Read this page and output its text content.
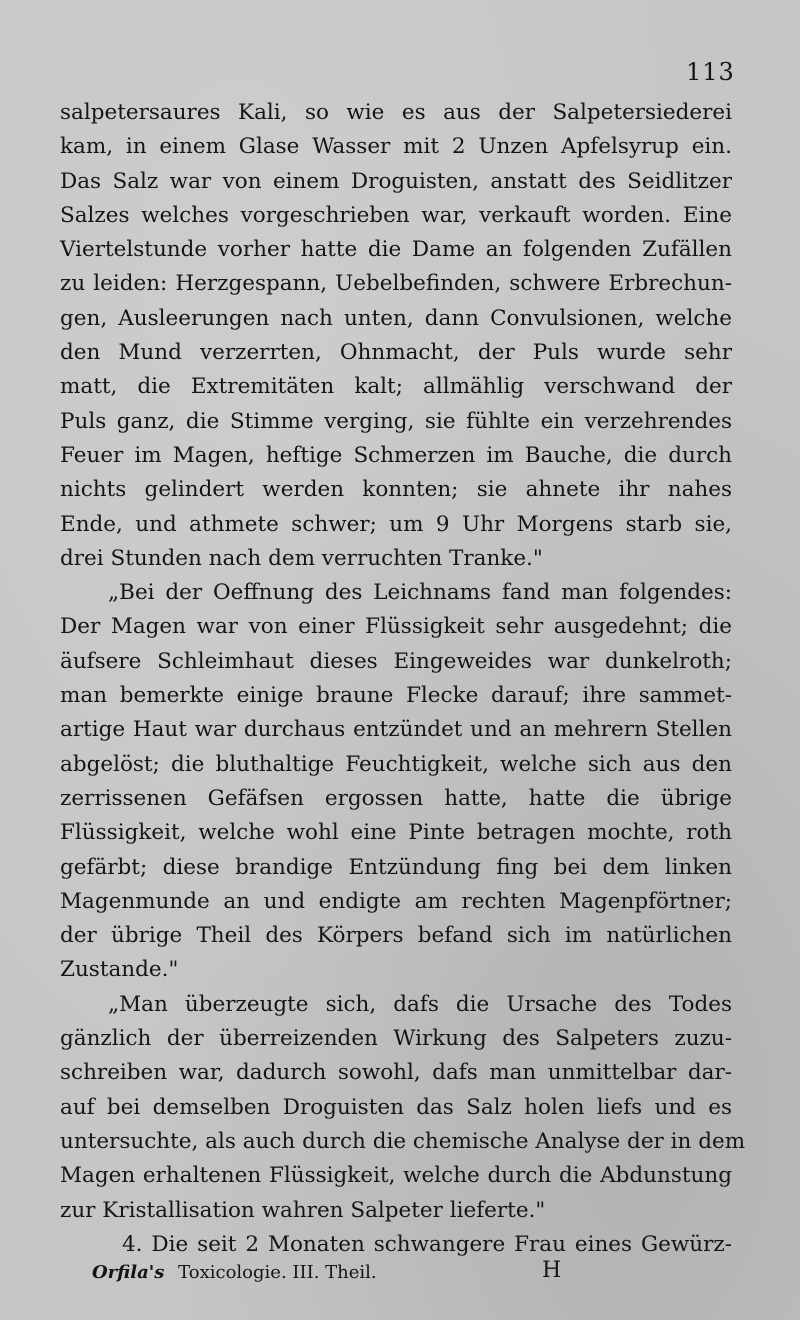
113
salpetersaures Kali, so wie es aus der Salpetersiederei
kam, in einem Glase Wasser mit 2 Unzen Apfelsyrup ein.
Das Salz war von einem Droguisten, anstatt des Seidlitzer
Salzes welches vorgeschrieben war, verkauft worden. Eine
Viertelstunde vorher hatte die Dame an folgenden Zufällen
zu leiden: Herzgespann, Uebelbefinden, schwere Erbrechun-
gen, Ausleerungen nach unten, dann Convulsionen, welche
den Mund verzerrten, Ohnmacht, der Puls wurde sehr
matt, die Extremitäten kalt; allmählig verschwand der
Puls ganz, die Stimme verging, sie fühlte ein verzehrendes
Feuer im Magen, heftige Schmerzen im Bauche, die durch
nichts gelindert werden konnten; sie ahnete ihr nahes
Ende, und athmete schwer; um 9 Uhr Morgens starb sie,
drei Stunden nach dem verruchten Tranke."
„Bei der Oeffnung des Leichnams fand man folgendes:
Der Magen war von einer Flüssigkeit sehr ausgedehnt; die
äufsere Schleimhaut dieses Eingeweides war dunkelroth;
man bemerkte einige braune Flecke darauf; ihre sammet-
artige Haut war durchaus entzündet und an mehrern Stellen
abgelöst; die bluthaltige Feuchtigkeit, welche sich aus den
zerrissenen Gefäfsen ergossen hatte, hatte die übrige
Flüssigkeit, welche wohl eine Pinte betragen mochte, roth
gefärbt; diese brandige Entzündung fing bei dem linken
Magenmunde an und endigte am rechten Magenpförtner;
der übrige Theil des Körpers befand sich im natürlichen
Zustande."
„Man überzeugte sich, dafs die Ursache des Todes
gänzlich der überreizenden Wirkung des Salpeters zuzu-
schreiben war, dadurch sowohl, dafs man unmittelbar dar-
auf bei demselben Droguisten das Salz holen liefs und es
untersuchte, als auch durch die chemische Analyse der in dem
Magen erhaltenen Flüssigkeit, welche durch die Abdunstung
zur Kristallisation wahren Salpeter lieferte."
4. Die seit 2 Monaten schwangere Frau eines Gewürz-
Orfila's Toxicologie. III. Theil.	H
